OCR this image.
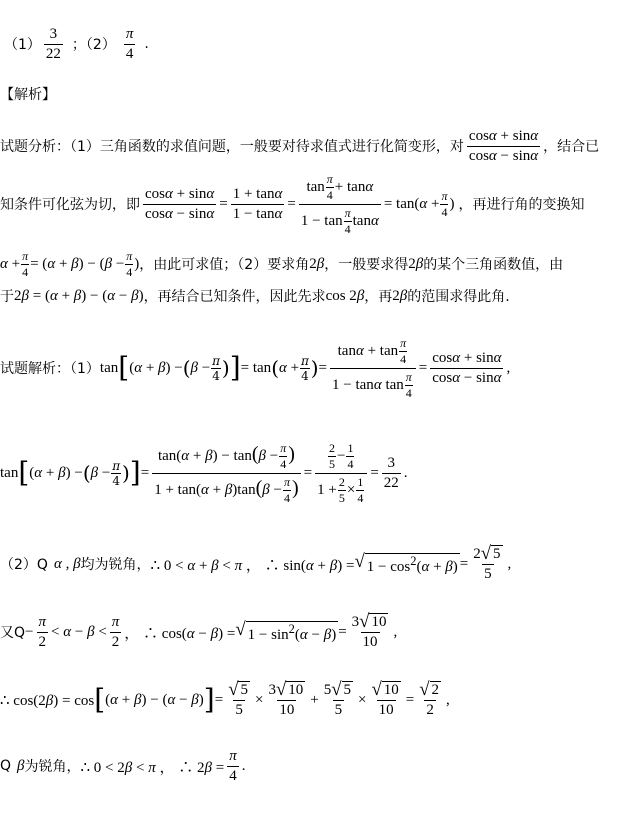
（1）
3
22
；（2）
π
4
.
【解析】
试题分析：（1）三角函数的求值问题，一般要对待求值式进行化简变形，对
cosα + sinα
cosα − sinα
，结合已
知条件可化弦为切，即 $\frac{\cos\alpha + \sin\alpha}{\cos\alpha - \sin\alpha} = \frac{1 + \tan\alpha}{1 - \tan\alpha} = \frac{\tan \frac{\pi}{4} + \tan\alpha}{1 - \tan \frac{\pi}{4} \tan\alpha} = \tan(\alpha + \frac{\pi}{4}$ ) ，再进行角的变换知
$\alpha + \frac{\pi}{4} = (\alpha + \beta) - (\beta - \frac{\pi}{4}$ ) ，由此可求值；（2）要求角 2β ，一般要求得 2β 的某个三角函数值，由
于 2β = (α + β) − (α − β) ，再结合已知条件，因此先求 cos 2β ，再 2β 的范围求得此角.
试题解析：（1） tan [ (α + β) − ( $\beta - \frac{\pi}{4}$ ) ] = tan ( $\alpha + \frac{\pi}{4}$ ) = $\frac{\tan\alpha + \tan \frac{\pi}{4}}{1 - \tan\alpha \tan \frac{\pi}{4}} = \frac{\cos\alpha + \sin\alpha}{\cos\alpha - \sin\alpha}$ ,
tan [ (α + β) − ( $\beta - \frac{\pi}{4}$ ) ] = $\frac{\tan(\alpha + \beta) - \tan(\beta - \frac{\pi}{4} )}{1 + \tan(\alpha + \beta)\tan(\beta - \frac{\pi}{4} )} = \frac{\frac{2}{5} - \frac{1}{4}}{1 + \frac{2}{5} \times \frac{1}{4}} = \frac{3}{22}$ .
（2）Q α , β 均为锐角， ∴ 0 < α + β < π ， ∴ sin(α + β) = √ $1 - \cos^2(\alpha + \beta) = \frac{2 √ 5}{5}$ ,
又$Q - \frac{\pi}{2} < \alpha - \beta$ <
π
2 ， ∴ cos(α − β) = √ $1 - \sin^2(\alpha - \beta) = \frac{3 √ 10}{10}$ ,
∴ cos(2β) = cos [ (α + β) − (α − β) ] = $\frac{√ 5}{5} \times \frac{3 √ 10}{10} + \frac{5 √ 5}{5} \times \frac{√ 10}{10} = \frac{√ 2}{2}$ ,
Q β 为锐角， ∴ 0 < 2β < π ， ∴ $2\beta = \frac{\pi}{4}$ .
